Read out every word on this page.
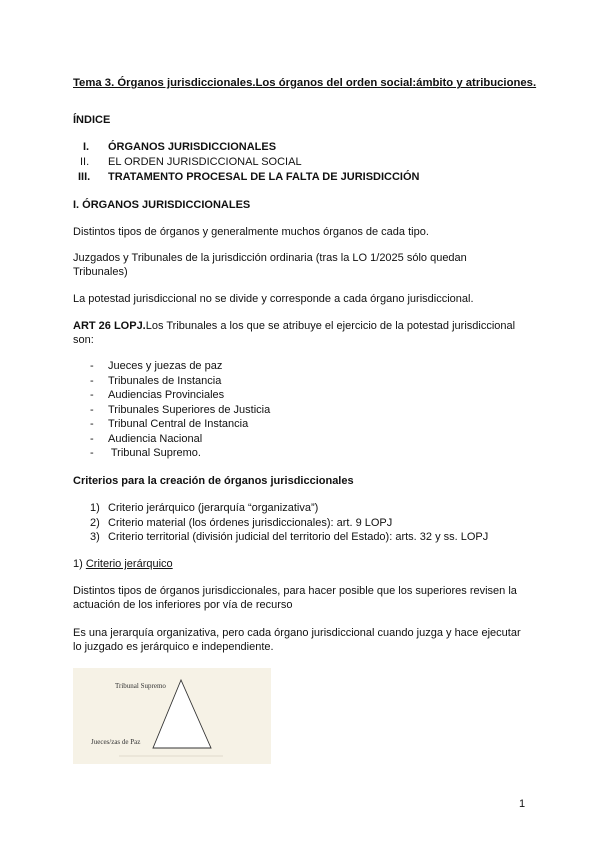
Tema 3. Órganos jurisdiccionales.Los órganos del orden social:ámbito y atribuciones.
ÍNDICE
I. ÓRGANOS JURISDICCIONALES
II. EL ORDEN JURISDICCIONAL SOCIAL
III. TRATAMENTO PROCESAL DE LA FALTA DE JURISDICCIÓN
I. ÓRGANOS JURISDICCIONALES
Distintos tipos de órganos y generalmente muchos órganos de cada tipo.
Juzgados y Tribunales de la jurisdicción ordinaria (tras la LO 1/2025 sólo quedan
Tribunales)
La potestad jurisdiccional no se divide y corresponde a cada órgano jurisdiccional.
ART 26 LOPJ.Los Tribunales a los que se atribuye el ejercicio de la potestad jurisdiccional
son:
- Jueces y juezas de paz
- Tribunales de Instancia
- Audiencias Provinciales
- Tribunales Superiores de Justicia
- Tribunal Central de Instancia
- Audiencia Nacional
- Tribunal Supremo.
Criterios para la creación de órganos jurisdiccionales
1) Criterio jerárquico (jerarquía “organizativa”)
2) Criterio material (los órdenes jurisdiccionales): art. 9 LOPJ
3) Criterio territorial (división judicial del territorio del Estado): arts. 32 y ss. LOPJ
1) Criterio jerárquico
Distintos tipos de órganos jurisdiccionales, para hacer posible que los superiores revisen la
actuación de los inferiores por vía de recurso
Es una jerarquía organizativa, pero cada órgano jurisdiccional cuando juzga y hace ejecutar
lo juzgado es jerárquico e independiente.
Tribunal Supremo
Jueces/zas de Paz
1
